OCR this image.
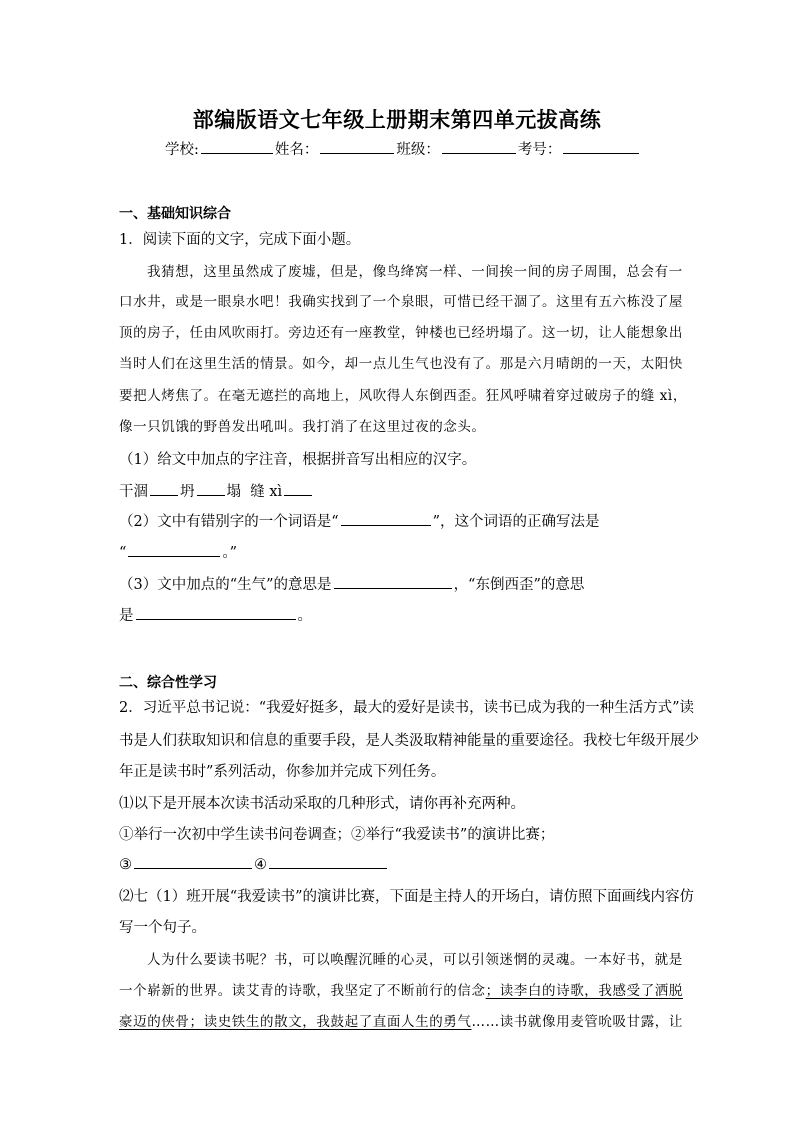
部编版语文七年级上册期末第四单元拔高练
学校:	姓名：	班级：	考号：
一、基础知识综合
1．阅读下面的文字，完成下面小题。
我猜想，这里虽然成了废墟，但是，像鸟绛窝一样、一间挨一间的房子周围，总会有一
口水井，或是一眼泉水吧！我确实找到了一个泉眼，可惜已经干涸了。这里有五六栋没了屋
顶的房子，任由风吹雨打。旁边还有一座教堂，钟楼也已经坍塌了。这一切，让人能想象出
当时人们在这里生活的情景。如今，却一点儿生气也没有了。那是六月晴朗的一天，太阳快
要把人烤焦了。在毫无遮拦的高地上，风吹得人东倒西歪。狂风呼啸着穿过破房子的缝 xì，
像一只饥饿的野兽发出吼叫。我打消了在这里过夜的念头。
（1）给文中加点的字注音，根据拼音写出相应的汉字。
干涸 坍 塌 缝 xì
（2）文中有错别字的一个词语是“	”，这个词语的正确写法是
“	。”
（3）文中加点的“生气”的意思是	，“东倒西歪”的意思
是	。
二、综合性学习
2．习近平总书记说：“我爱好挺多，最大的爱好是读书，读书已成为我的一种生活方式”读
书是人们获取知识和信息的重要手段，是人类汲取精神能量的重要途径。我校七年级开展少
年正是读书时”系列活动，你参加并完成下列任务。
⑴以下是开展本次读书活动采取的几种形式，请你再补充两种。
①举行一次初中学生读书问卷调查；②举行“我爱读书”的演讲比赛；
③	④
⑵七（1）班开展“我爱读书”的演讲比赛，下面是主持人的开场白，请仿照下面画线内容仿
写一个句子。
人为什么要读书呢？书，可以唤醒沉睡的心灵，可以引领迷惘的灵魂。一本好书，就是
一个崭新的世界。读艾青的诗歌，我坚定了不断前行的信念；读李白的诗歌，我感受了洒脱
豪迈的侠骨；读史铁生的散文，我鼓起了直面人生的勇气……读书就像用麦管吮吸甘露，让
